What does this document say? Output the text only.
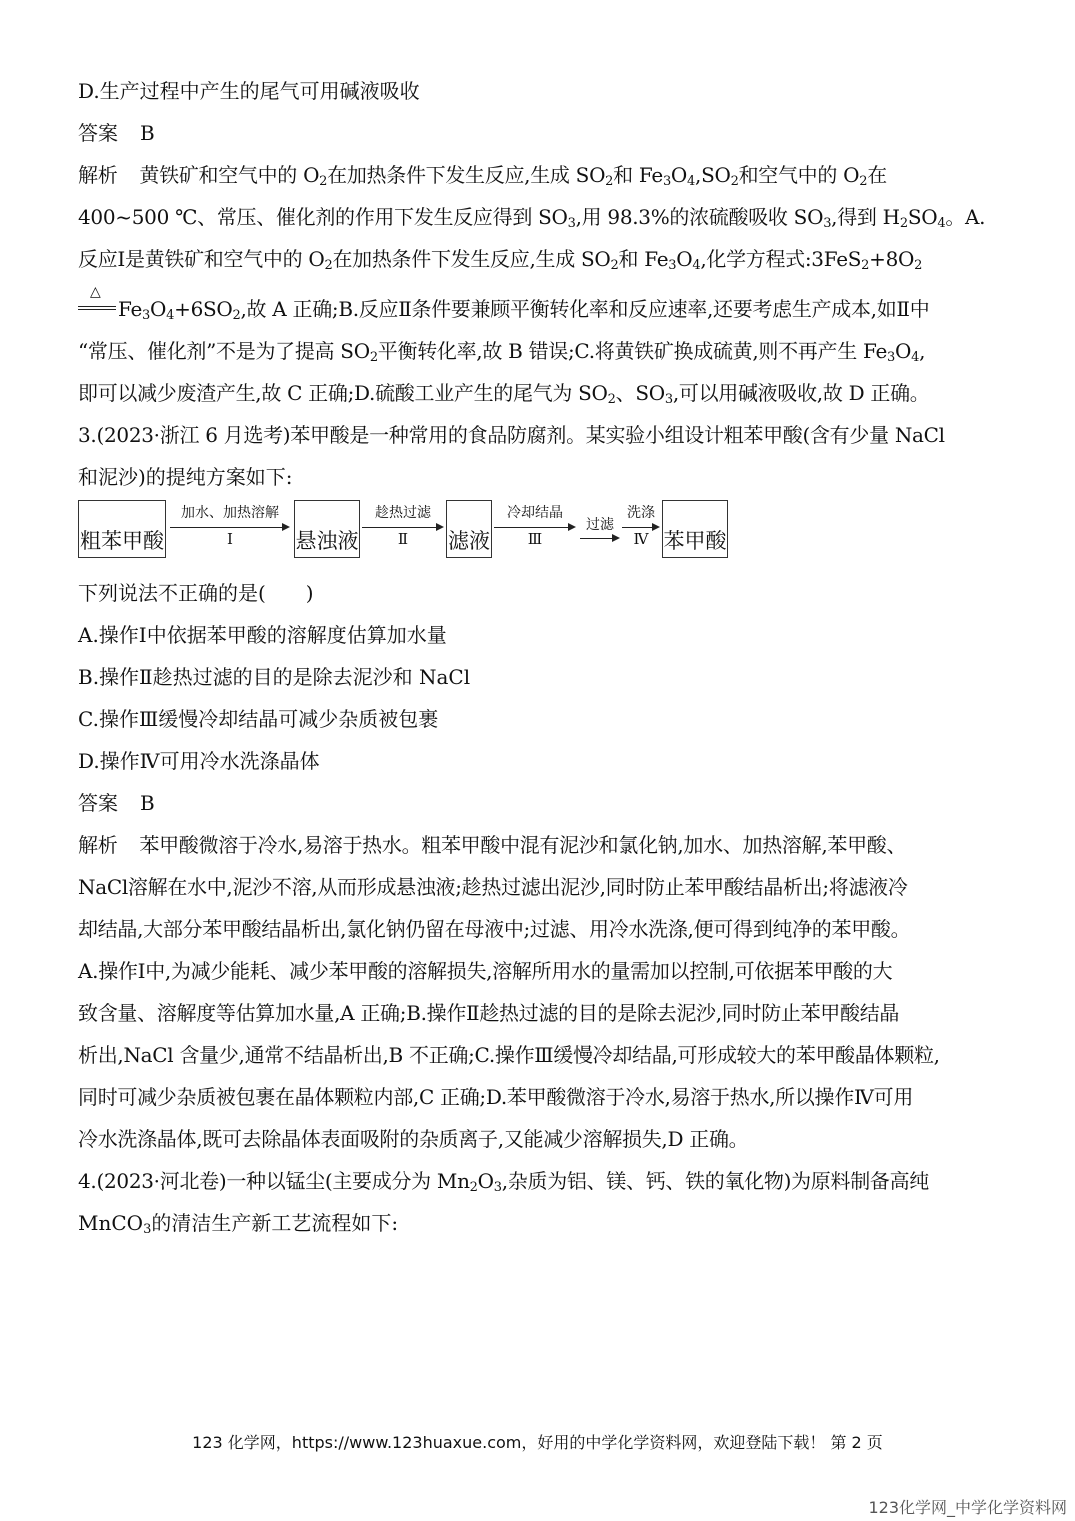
D.生产过程中产生的尾气可用碱液吸收
答案 B
解析 黄铁矿和空气中的 $O_2$在加热条件下发生反应,生成 $SO_2$和 $Fe_3O_4,SO_2$和空气中的 $O_2$在
400~500 ℃、常压、催化剂的作用下发生反应得到 $SO_3$,用 98.3%的浓硫酸吸收 $SO_3$,得到 $H_2SO_4$。A.
反应Ⅰ是黄铁矿和空气中的 $O_2$在加热条件下发生反应,生成 $SO_2$和 $Fe_3O_4$,化学方程式$:3FeS_2+8O_2$
△
$Fe_3O_4+6SO_2$,故 A 正确;B.反应Ⅱ条件要兼顾平衡转化率和反应速率,还要考虑生产成本,如Ⅱ中
“常压、催化剂”不是为了提高 $SO_2$平衡转化率,故 B 错误;C.将黄铁矿换成硫黄,则不再产生 $Fe_3O_4$,
即可以减少废渣产生,故 C 正确;D.硫酸工业产生的尾气为 $SO_2$、$SO_3$,可以用碱液吸收,故 D 正确。
3.(2023·浙江 6 月选考)苯甲酸是一种常用的食品防腐剂。某实验小组设计粗苯甲酸(含有少量 NaCl
和泥沙)的提纯方案如下:
粗苯甲酸
加水、加热溶解
Ⅰ	悬浊液
趁热过滤
Ⅱ	滤液
冷却结晶
Ⅲ
过滤
洗涤
Ⅳ 苯甲酸
下列说法不正确的是(　　)
A.操作Ⅰ中依据苯甲酸的溶解度估算加水量
B.操作Ⅱ趁热过滤的目的是除去泥沙和 NaCl
C.操作Ⅲ缓慢冷却结晶可减少杂质被包裹
D.操作Ⅳ可用冷水洗涤晶体
答案 B
解析 苯甲酸微溶于冷水,易溶于热水。粗苯甲酸中混有泥沙和氯化钠,加水、加热溶解,苯甲酸、
NaCl溶解在水中,泥沙不溶,从而形成悬浊液;趁热过滤出泥沙,同时防止苯甲酸结晶析出;将滤液冷
却结晶,大部分苯甲酸结晶析出,氯化钠仍留在母液中;过滤、用冷水洗涤,便可得到纯净的苯甲酸。
A.操作Ⅰ中,为减少能耗、减少苯甲酸的溶解损失,溶解所用水的量需加以控制,可依据苯甲酸的大
致含量、溶解度等估算加水量,A 正确;B.操作Ⅱ趁热过滤的目的是除去泥沙,同时防止苯甲酸结晶
析出,NaCl 含量少,通常不结晶析出,B 不正确;C.操作Ⅲ缓慢冷却结晶,可形成较大的苯甲酸晶体颗粒,
同时可减少杂质被包裹在晶体颗粒内部,C 正确;D.苯甲酸微溶于冷水,易溶于热水,所以操作Ⅳ可用
冷水洗涤晶体,既可去除晶体表面吸附的杂质离子,又能减少溶解损失,D 正确。
4.(2023·河北卷)一种以锰尘(主要成分为 $Mn_2O_3$,杂质为铝、镁、钙、铁的氧化物)为原料制备高纯
MnCO$_3$的清洁生产新工艺流程如下:
123 化学网，https://www.123huaxue.com，好用的中学化学资料网，欢迎登陆下载！ 第 2 页
123化学网_中学化学资料网
